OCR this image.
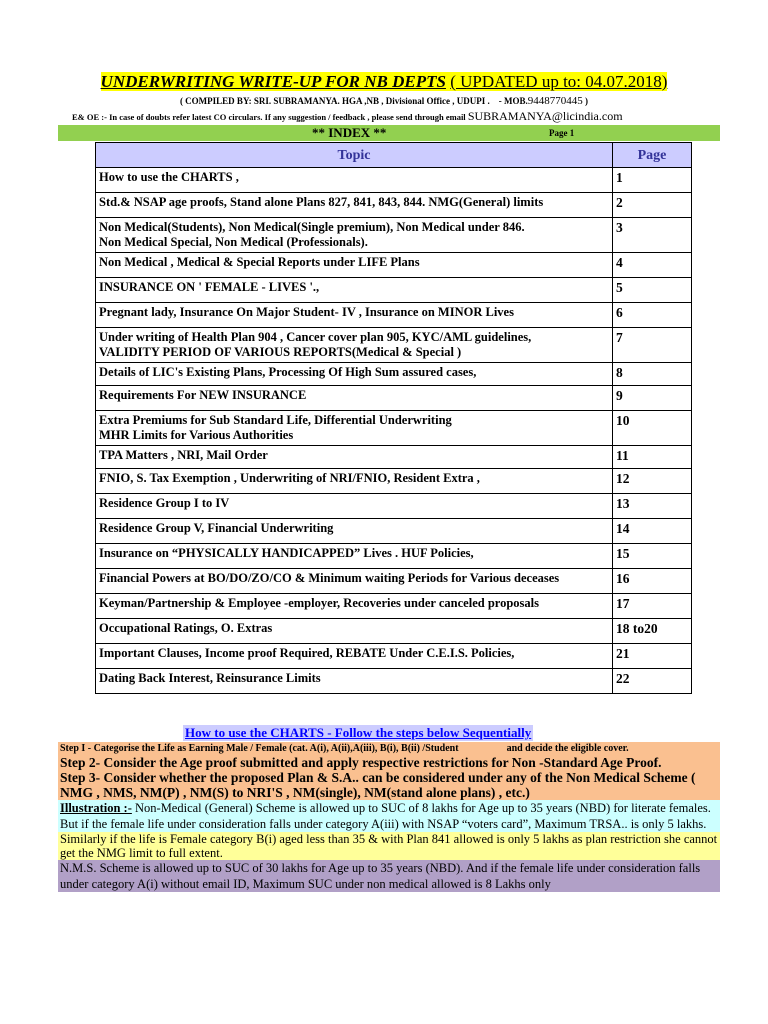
UNDERWRITING WRITE-UP FOR NB DEPTS ( UPDATED up to: 04.07.2018)
( COMPILED BY: SRI. SUBRAMANYA. HGA ,NB , Divisional Office , UDUPI . - MOB.9448770445 )
E& OE :- In case of doubts refer latest CO circulars. If any suggestion / feedback , please send through email SUBRAMANYA@licindia.com
** INDEX **	Page 1
Topic	Page
How to use the CHARTS ,	1
Std.& NSAP age proofs, Stand alone Plans 827, 841, 843, 844. NMG(General) limits	2
Non Medical(Students), Non Medical(Single premium), Non Medical under 846.
Non Medical Special, Non Medical (Professionals).	3
Non Medical , Medical & Special Reports under LIFE Plans	4
INSURANCE ON ' FEMALE - LIVES '.,	5
Pregnant lady, Insurance On Major Student- IV , Insurance on MINOR Lives	6
Under writing of Health Plan 904 , Cancer cover plan 905, KYC/AML guidelines,
VALIDITY PERIOD OF VARIOUS REPORTS(Medical & Special )	7
Details of LIC's Existing Plans, Processing Of High Sum assured cases,	8
Requirements For NEW INSURANCE	9
Extra Premiums for Sub Standard Life, Differential Underwriting
MHR Limits for Various Authorities	10
TPA Matters , NRI, Mail Order	11
FNIO, S. Tax Exemption , Underwriting of NRI/FNIO, Resident Extra ,	12
Residence Group I to IV	13
Residence Group V, Financial Underwriting	14
Insurance on “PHYSICALLY HANDICAPPED” Lives . HUF Policies,	15
Financial Powers at BO/DO/ZO/CO & Minimum waiting Periods for Various deceases	16
Keyman/Partnership & Employee -employer, Recoveries under canceled proposals	17
Occupational Ratings, O. Extras	18 to20
Important Clauses, Income proof Required, REBATE Under C.E.I.S. Policies,	21
Dating Back Interest, Reinsurance Limits	22
How to use the CHARTS - Follow the steps below Sequentially
Step I - Categorise the Life as Earning Male / Female (cat. A(i), A(ii),A(iii), B(i), B(ii) /Student	and decide the eligible cover.
Step 2- Consider the Age proof submitted and apply respective restrictions for Non -Standard Age Proof.
Step 3- Consider whether the proposed Plan & S.A.. can be considered under any of the Non Medical Scheme ( NMG , NMS, NM(P) , NM(S) to NRI'S , NM(single), NM(stand alone plans) , etc.)
Illustration :- Non-Medical (General) Scheme is allowed up to SUC of 8 lakhs for Age up to 35 years (NBD) for literate females. But if the female life under consideration falls under category A(iii) with NSAP “voters card”, Maximum TRSA.. is only 5 lakhs.
Similarly if the life is Female category B(i) aged less than 35 & with Plan 841 allowed is only 5 lakhs as plan restriction she cannot get the NMG limit to full extent.
N.M.S. Scheme is allowed up to SUC of 30 lakhs for Age up to 35 years (NBD). And if the female life under consideration falls under category A(i) without email ID, Maximum SUC under non medical allowed is 8 Lakhs only
